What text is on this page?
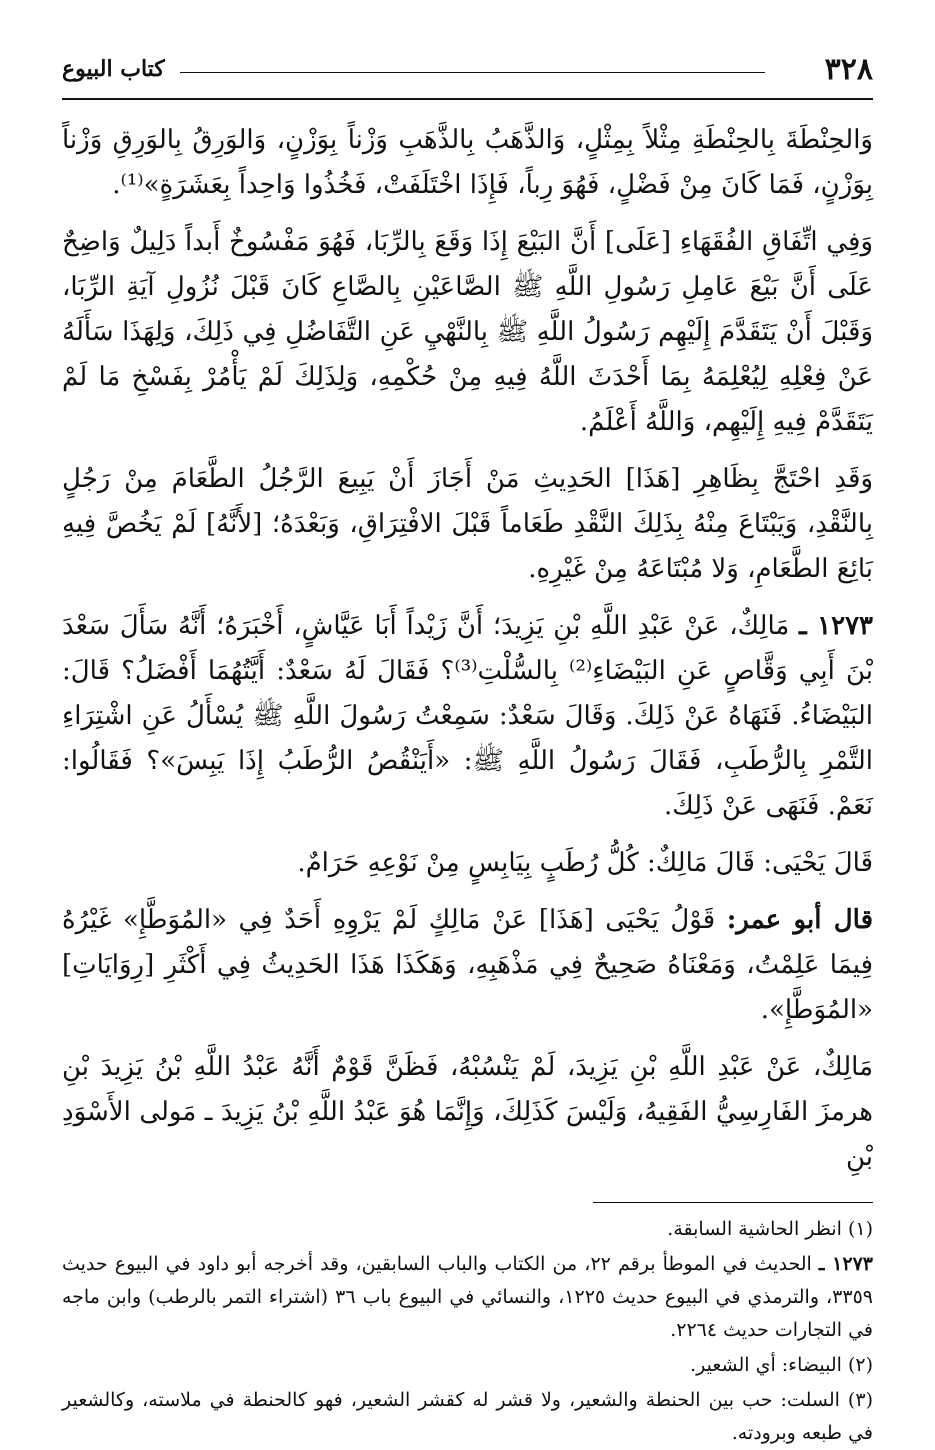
٣٢٨
كتاب البيوع

وَالحِنْطَةَ بِالحِنْطَةِ مِثْلاً بِمِثْلٍ، وَالذَّهَبُ بِالذَّهَبِ وَزْناً بِوَزْنٍ، وَالوَرِقُ بِالوَرِقِ وَزْناً بِوَزْنٍ، فَمَا كَانَ مِنْ فَضْلٍ، فَهُوَ رِباً، فَإِذَا اخْتَلَفَتْ، فَخُذُوا وَاحِداً بِعَشَرَةٍ»⁽¹⁾.

وَفِي اتِّفَاقِ الفُقَهَاءِ [عَلَى] أَنَّ البَيْعَ إِذَا وَقَعَ بِالرِّبَا، فَهُوَ مَفْسُوخٌ أَبداً دَلِيلٌ وَاضِحٌ عَلَى أَنَّ بَيْعَ عَامِلِ رَسُولِ اللَّهِ ﷺ الصَّاعَيْنِ بِالصَّاعِ كَانَ قَبْلَ نُزُولِ آيَةِ الرِّبَا، وَقَبْلَ أَنْ يَتَقَدَّمَ إِلَيْهِم رَسُولُ اللَّهِ ﷺ بِالنَّهْيِ عَنِ التَّفَاضُلِ فِي ذَلِكَ، وَلِهَذَا سَأَلَهُ عَنْ فِعْلِهِ لِيُعْلِمَهُ بِمَا أَحْدَثَ اللَّهُ فِيهِ مِنْ حُكْمِهِ، وَلِذَلِكَ لَمْ يَأْمُرْ بِفَسْخِ مَا لَمْ يَتَقَدَّمْ فِيهِ إِلَيْهِم، وَاللَّهُ أَعْلَمُ.

وَقَدِ احْتَجَّ بِظَاهِرِ [هَذَا] الحَدِيثِ مَنْ أَجَازَ أَنْ يَبِيعَ الرَّجُلُ الطَّعَامَ مِنْ رَجُلٍ بِالنَّقْدِ، وَيَبْتَاعَ مِنْهُ بِذَلِكَ النَّقْدِ طَعَاماً قَبْلَ الافْتِرَاقِ، وَبَعْدَهُ؛ [لأَنَّهُ] لَمْ يَخُصَّ فِيهِ بَائِعَ الطَّعَامِ، وَلا مُبْتَاعَهُ مِنْ غَيْرِهِ.

١٢٧٣ ـ مَالِكٌ، عَنْ عَبْدِ اللَّهِ بْنِ يَزِيدَ؛ أَنَّ زَيْداً أَبَا عَيَّاشٍ، أَخْبَرَهُ؛ أَنَّهُ سَأَلَ سَعْدَ بْنَ أَبِي وَقَّاصٍ عَنِ البَيْضَاءِ⁽²⁾ بِالسُّلْتِ⁽³⁾؟ فَقَالَ لَهُ سَعْدٌ: أَيَّتُهُمَا أَفْضَلُ؟ قَالَ: البَيْضَاءُ. فَنَهَاهُ عَنْ ذَلِكَ. وَقَالَ سَعْدٌ: سَمِعْتُ رَسُولَ اللَّهِ ﷺ يُسْأَلُ عَنِ اشْتِرَاءِ التَّمْرِ بِالرُّطَبِ، فَقَالَ رَسُولُ اللَّهِ ﷺ: «أَيَنْقُصُ الرُّطَبُ إِذَا يَبِسَ»؟ فَقَالُوا: نَعَمْ. فَنَهَى عَنْ ذَلِكَ.

قَالَ يَحْيَى: قَالَ مَالِكٌ: كُلُّ رُطَبٍ بِيَابِسٍ مِنْ نَوْعِهِ حَرَامٌ.

قال أبو عمر: قَوْلُ يَحْيَى [هَذَا] عَنْ مَالِكٍ لَمْ يَرْوِهِ أَحَدٌ فِي «المُوَطَّإِ» غَيْرُهُ فِيمَا عَلِمْتُ، وَمَعْنَاهُ صَحِيحٌ فِي مَذْهَبِهِ، وَهَكَذَا هَذَا الحَدِيثُ فِي أَكْثَرِ [رِوَايَاتِ] «المُوَطَّإِ».

مَالِكٌ، عَنْ عَبْدِ اللَّهِ بْنِ يَزِيدَ، لَمْ يَنْسُبْهُ، فَظَنَّ قَوْمٌ أَنَّهُ عَبْدُ اللَّهِ بْنُ يَزِيدَ بْنِ هرمزَ الفَارِسِيُّ الفَقِيهُ، وَلَيْسَ كَذَلِكَ، وَإِنَّمَا هُوَ عَبْدُ اللَّهِ بْنُ يَزِيدَ ـ مَولى الأَسْوَدِ بْنِ

(١) انظر الحاشية السابقة.

١٢٧٣ ـ الحديث في الموطأ برقم ٢٢، من الكتاب والباب السابقين، وقد أخرجه أبو داود في البيوع حديث ٣٣٥٩، والترمذي في البيوع حديث ١٢٢٥، والنسائي في البيوع باب ٣٦ (اشتراء التمر بالرطب) وابن ماجه في التجارات حديث ٢٢٦٤.

(٢) البيضاء: أي الشعير.

(٣) السلت: حب بين الحنطة والشعير، ولا قشر له كقشر الشعير، فهو كالحنطة في ملاسته، وكالشعير في طبعه وبرودته.
